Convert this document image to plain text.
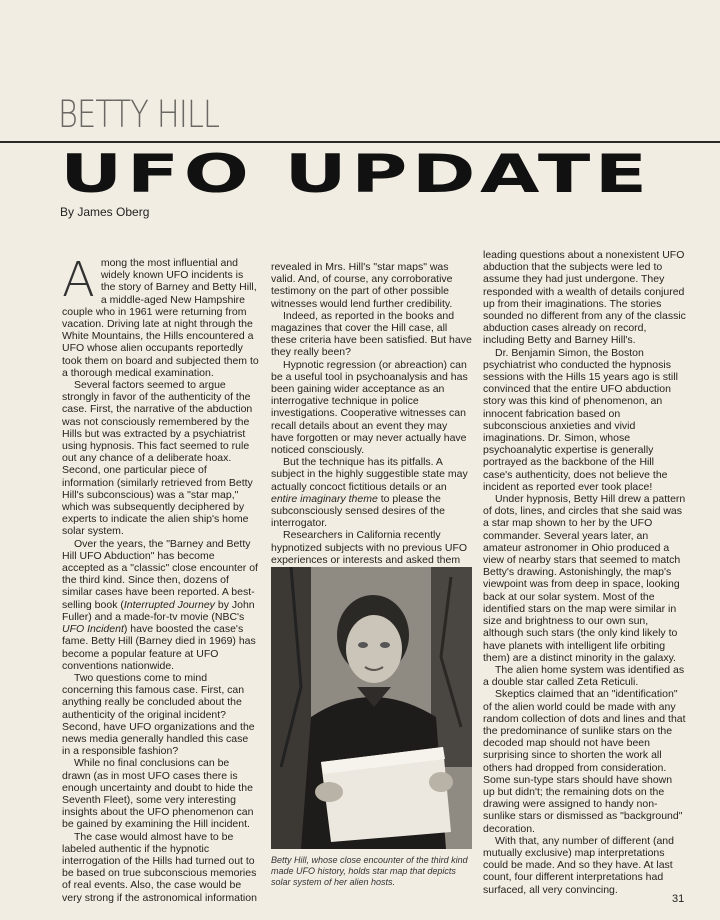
BETTY HILL
UFO UPDATE
By James Oberg

Among the most influential and widely known UFO incidents is the story of Barney and Betty Hill, a middle-aged New Hampshire couple who in 1961 were returning from vacation. Driving late at night through the White Mountains, the Hills encountered a UFO whose alien occupants reportedly took them on board and subjected them to a thorough medical examination.

Several factors seemed to argue strongly in favor of the authenticity of the case. First, the narrative of the abduction was not consciously remembered by the Hills but was extracted by a psychiatrist using hypnosis. This fact seemed to rule out any chance of a deliberate hoax. Second, one particular piece of information (similarly retrieved from Betty Hill's subconscious) was a "star map," which was subsequently deciphered by experts to indicate the alien ship's home solar system.

Over the years, the "Barney and Betty Hill UFO Abduction" has become accepted as a "classic" close encounter of the third kind. Since then, dozens of similar cases have been reported. A best-selling book (Interrupted Journey by John Fuller) and a made-for-tv movie (NBC's UFO Incident) have boosted the case's fame. Betty Hill (Barney died in 1969) has become a popular feature at UFO conventions nationwide.

Two questions come to mind concerning this famous case. First, can anything really be concluded about the authenticity of the original incident? Second, have UFO organizations and the news media generally handled this case in a responsible fashion?

While no final conclusions can be drawn (as in most UFO cases there is enough uncertainty and doubt to hide the Seventh Fleet), some very interesting insights about the UFO phenomenon can be gained by examining the Hill incident.

The case would almost have to be labeled authentic if the hypnotic interrogation of the Hills had turned out to be based on true subconscious memories of real events. Also, the case would be very strong if the astronomical information

revealed in Mrs. Hill's "star maps" was valid. And, of course, any corroborative testimony on the part of other possible witnesses would lend further credibility.

Indeed, as reported in the books and magazines that cover the Hill case, all these criteria have been satisfied. But have they really been?

Hypnotic regression (or abreaction) can be a useful tool in psychoanalysis and has been gaining wider acceptance as an interrogative technique in police investigations. Cooperative witnesses can recall details about an event they may have forgotten or may never actually have noticed consciously.

But the technique has its pitfalls. A subject in the highly suggestible state may actually concoct fictitious details or an entire imaginary theme to please the subconsciously sensed desires of the interrogator.

Researchers in California recently hypnotized subjects with no previous UFO experiences or interests and asked them

Betty Hill, whose close encounter of the third kind made UFO history, holds star map that depicts solar system of her alien hosts.

leading questions about a nonexistent UFO abduction that the subjects were led to assume they had just undergone. They responded with a wealth of details conjured up from their imaginations. The stories sounded no different from any of the classic abduction cases already on record, including Betty and Barney Hill's.

Dr. Benjamin Simon, the Boston psychiatrist who conducted the hypnosis sessions with the Hills 15 years ago is still convinced that the entire UFO abduction story was this kind of phenomenon, an innocent fabrication based on subconscious anxieties and vivid imaginations. Dr. Simon, whose psychoanalytic expertise is generally portrayed as the backbone of the Hill case's authenticity, does not believe the incident as reported ever took place!

Under hypnosis, Betty Hill drew a pattern of dots, lines, and circles that she said was a star map shown to her by the UFO commander. Several years later, an amateur astronomer in Ohio produced a view of nearby stars that seemed to match Betty's drawing. Astonishingly, the map's viewpoint was from deep in space, looking back at our solar system. Most of the identified stars on the map were similar in size and brightness to our own sun, although such stars (the only kind likely to have planets with intelligent life orbiting them) are a distinct minority in the galaxy.

The alien home system was identified as a double star called Zeta Reticuli.

Skeptics claimed that an "identification" of the alien world could be made with any random collection of dots and lines and that the predominance of sunlike stars on the decoded map should not have been surprising since to shorten the work all others had dropped from consideration. Some sun-type stars should have shown up but didn't; the remaining dots on the drawing were assigned to handy non-sunlike stars or dismissed as "background" decoration.

With that, any number of different (and mutually exclusive) map interpretations could be made. And so they have. At last count, four different interpretations had surfaced, all very convincing.

31
